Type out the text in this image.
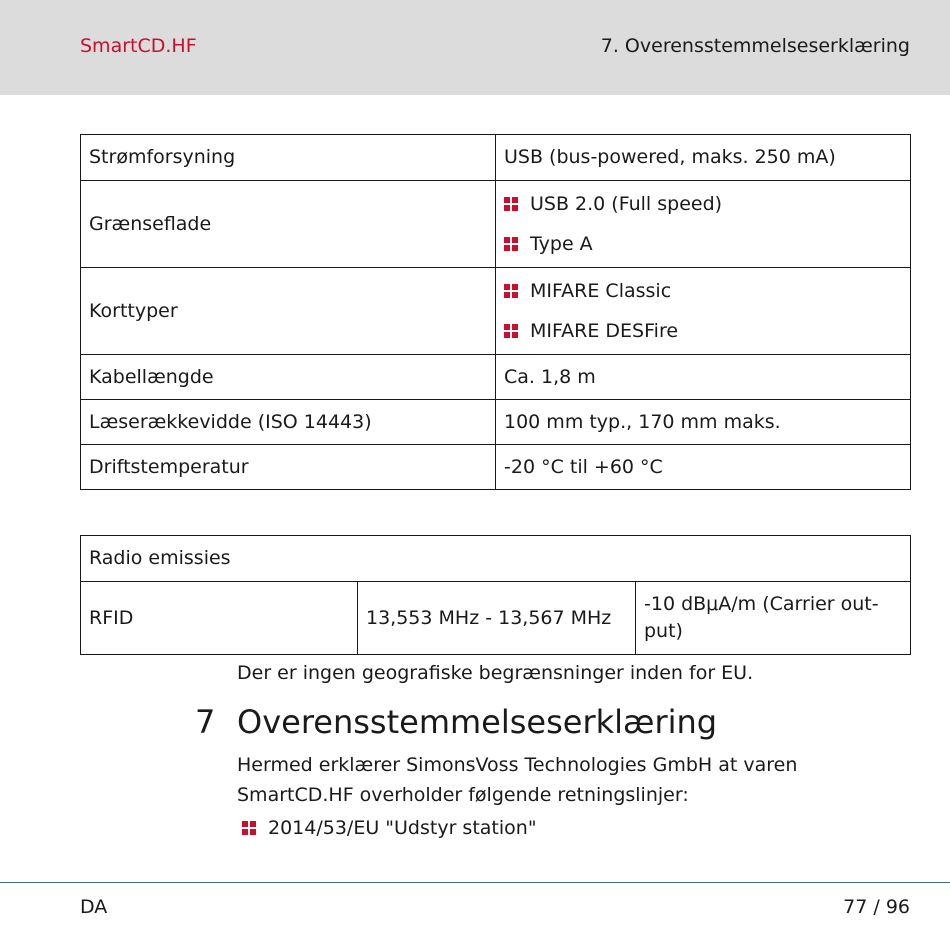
SmartCD.HF	7. Overensstemmelseserklæring
Strømforsyning	USB (bus-powered, maks. 250 mA)
Grænseflade	USB 2.0 (Full speed)
Type A

Korttyper	MIFARE Classic
MIFARE DESFire

Kabellængde	Ca. 1,8 m
Læserækkevidde (ISO 14443)	100 mm typ., 170 mm maks.
Driftstemperatur	-20 °C til +60 °C
Radio emissies
RFID	13,553 MHz - 13,567 MHz	-10 dBμA/m (Carrier out-put)
Der er ingen geografiske begrænsninger inden for EU.
7 Overensstemmelseserklæring
Hermed erklærer SimonsVoss Technologies GmbH at varen SmartCD.HF overholder følgende retningslinjer:
2014/53/EU "Udstyr station"
DA	77 / 96
